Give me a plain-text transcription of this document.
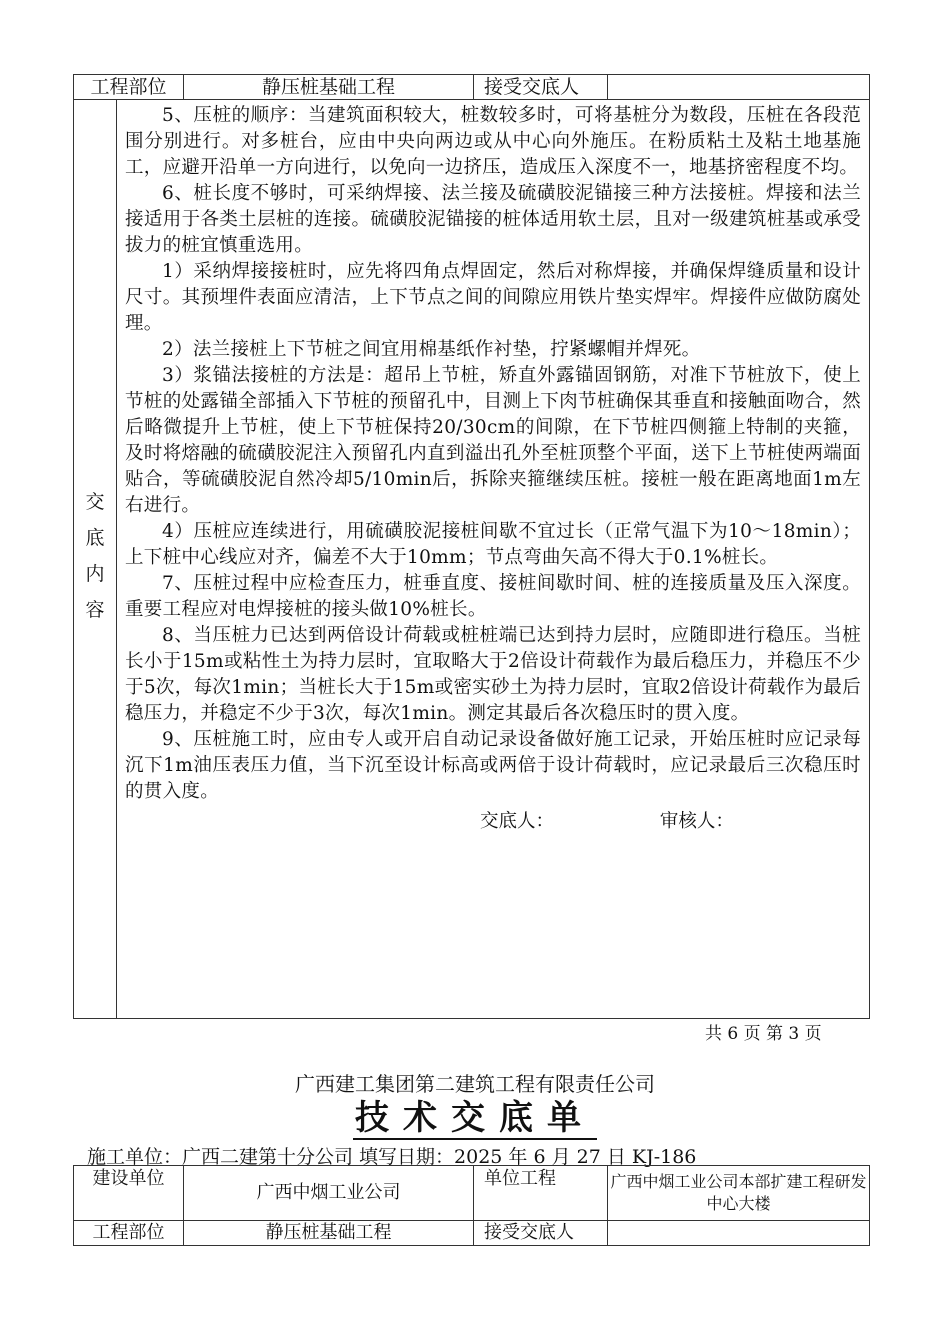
工程部位	静压桩基础工程	接受交底人	

交
底
内
容

5、压桩的顺序：当建筑面积较大，桩数较多时，可将基桩分为数段，压桩在各段范围分别进行。对多桩台，应由中央向两边或从中心向外施压。在粉质粘土及粘土地基施工，应避开沿单一方向进行，以免向一边挤压，造成压入深度不一，地基挤密程度不均。

6、桩长度不够时，可采纳焊接、法兰接及硫磺胶泥锚接三种方法接桩。焊接和法兰接适用于各类土层桩的连接。硫磺胶泥锚接的桩体适用软土层，且对一级建筑桩基或承受拔力的桩宜慎重选用。

1）采纳焊接接桩时，应先将四角点焊固定，然后对称焊接，并确保焊缝质量和设计尺寸。其预埋件表面应清洁，上下节点之间的间隙应用铁片垫实焊牢。焊接件应做防腐处理。

2）法兰接桩上下节桩之间宜用棉基纸作衬垫，拧紧螺帽并焊死。

3）浆锚法接桩的方法是：超吊上节桩，矫直外露锚固钢筋，对准下节桩放下，使上节桩的处露锚全部插入下节桩的预留孔中，目测上下肉节桩确保其垂直和接触面吻合，然后略微提升上节桩，使上下节桩保持20/30cm的间隙，在下节桩四侧箍上特制的夹箍，及时将熔融的硫磺胶泥注入预留孔内直到溢出孔外至桩顶整个平面，送下上节桩使两端面贴合，等硫磺胶泥自然冷却5/10min后，拆除夹箍继续压桩。接桩一般在距离地面1m左右进行。

4）压桩应连续进行，用硫磺胶泥接桩间歇不宜过长（正常气温下为10～18min）；上下桩中心线应对齐，偏差不大于10mm；节点弯曲矢高不得大于0.1%桩长。

7、压桩过程中应检查压力，桩垂直度、接桩间歇时间、桩的连接质量及压入深度。重要工程应对电焊接桩的接头做10%桩长。

8、当压桩力已达到两倍设计荷载或桩桩端已达到持力层时，应随即进行稳压。当桩长小于15m或粘性土为持力层时，宜取略大于2倍设计荷载作为最后稳压力，并稳压不少于5次，每次1min；当桩长大于15m或密实砂土为持力层时，宜取2倍设计荷载作为最后稳压力，并稳定不少于3次，每次1min。测定其最后各次稳压时的贯入度。

9、压桩施工时，应由专人或开启自动记录设备做好施工记录，开始压桩时应记录每沉下1m油压表压力值，当下沉至设计标高或两倍于设计荷载时，应记录最后三次稳压时的贯入度。

交底人：	审核人：
共 6 页 第 3 页
广西建工集团第二建筑工程有限责任公司
技术交底单
施工单位：广西二建第十分公司 填写日期：2025 年 6 月 27 日 KJ-186
建设单位	广西中烟工业公司	单位工程	广西中烟工业公司本部扩建工程研发中心大楼
工程部位	静压桩基础工程	接受交底人	
